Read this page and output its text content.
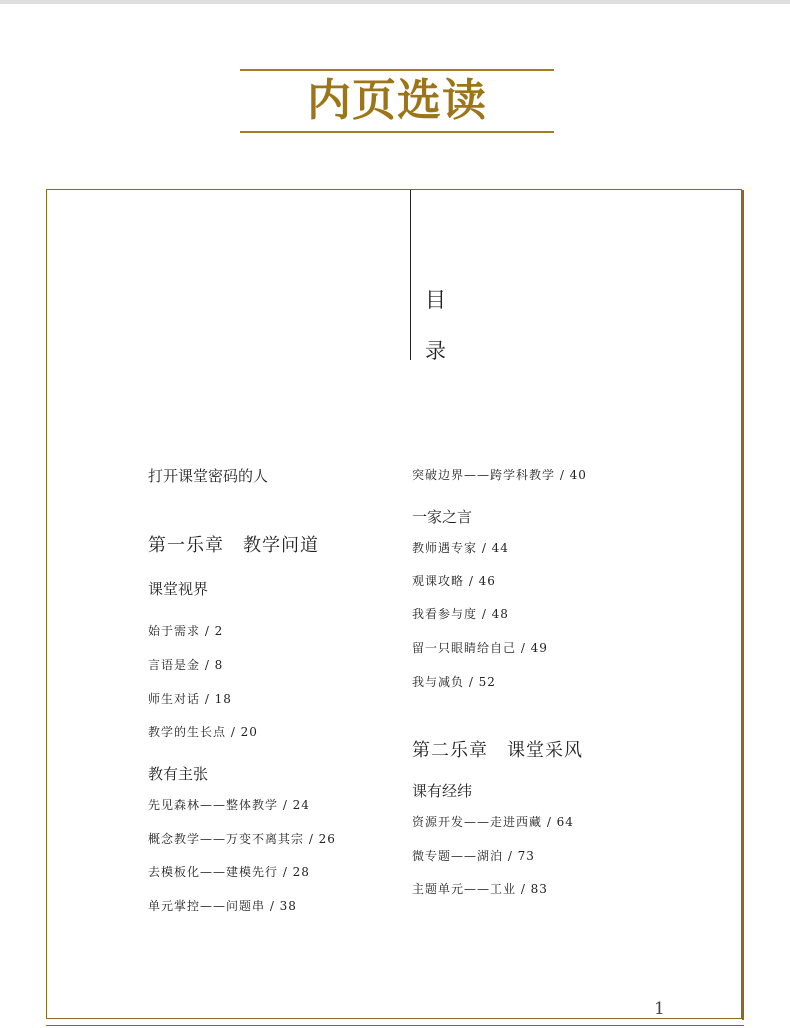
内页选读
目
录
打开课堂密码的人
第一乐章　教学问道
课堂视界
始于需求 / 2
言语是金 / 8
师生对话 / 18
教学的生长点 / 20
教有主张
先见森林——整体教学 / 24
概念教学——万变不离其宗 / 26
去模板化——建模先行 / 28
单元掌控——问题串 / 38
突破边界——跨学科教学 / 40
一家之言
教师遇专家 / 44
观课攻略 / 46
我看参与度 / 48
留一只眼睛给自己 / 49
我与减负 / 52
第二乐章　课堂采风
课有经纬
资源开发——走进西藏 / 64
微专题——湖泊 / 73
主题单元——工业 / 83
1
